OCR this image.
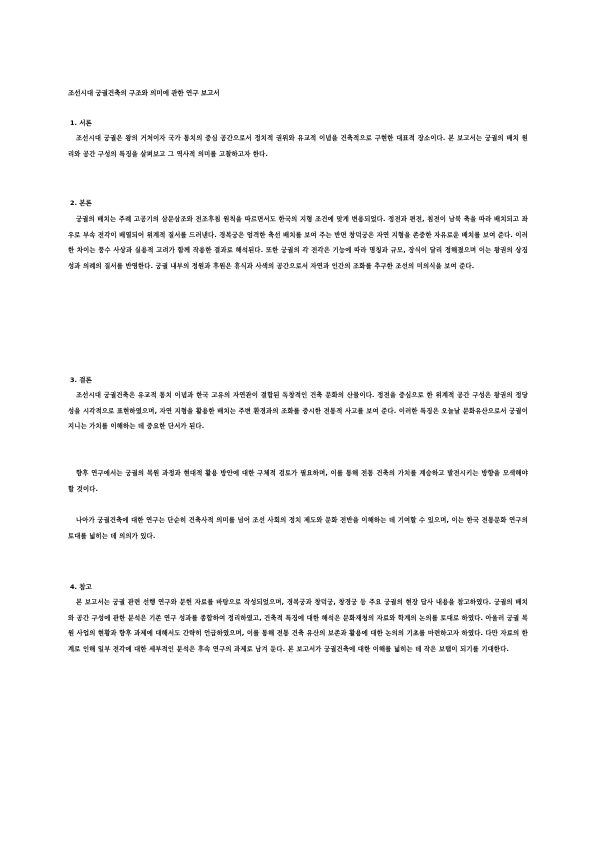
조선시대 궁궐건축의 구조와 의미에 관한 연구 보고서
1. 서론
조선시대 궁궐은 왕의 거처이자 국가 통치의 중심 공간으로서 정치적 권위와 유교적 이념을 건축적으로 구현한 대표적 장소이다. 본 보고서는 궁궐의 배치 원리와 공간 구성의 특징을 살펴보고 그 역사적 의미를 고찰하고자 한다.
2. 본론
궁궐의 배치는 주례 고공기의 삼문삼조와 전조후침 원칙을 따르면서도 한국의 지형 조건에 맞게 변용되었다. 정전과 편전, 침전이 남북 축을 따라 배치되고 좌우로 부속 전각이 배열되어 위계적 질서를 드러낸다. 경복궁은 엄격한 축선 배치를 보여 주는 반면 창덕궁은 자연 지형을 존중한 자유로운 배치를 보여 준다. 이러한 차이는 풍수 사상과 실용적 고려가 함께 작용한 결과로 해석된다. 또한 궁궐의 각 전각은 기능에 따라 명칭과 규모, 장식이 달리 정해졌으며 이는 왕권의 상징성과 의례의 질서를 반영한다. 궁궐 내부의 정원과 후원은 휴식과 사색의 공간으로서 자연과 인간의 조화를 추구한 조선의 미의식을 보여 준다.
3. 결론
조선시대 궁궐건축은 유교적 통치 이념과 한국 고유의 자연관이 결합된 독창적인 건축 문화의 산물이다. 정전을 중심으로 한 위계적 공간 구성은 왕권의 정당성을 시각적으로 표현하였으며, 자연 지형을 활용한 배치는 주변 환경과의 조화를 중시한 전통적 사고를 보여 준다. 이러한 특징은 오늘날 문화유산으로서 궁궐이 지니는 가치를 이해하는 데 중요한 단서가 된다.
향후 연구에서는 궁궐의 복원 과정과 현대적 활용 방안에 대한 구체적 검토가 필요하며, 이를 통해 전통 건축의 가치를 계승하고 발전시키는 방향을 모색해야 할 것이다.
나아가 궁궐건축에 대한 연구는 단순히 건축사적 의미를 넘어 조선 사회의 정치 제도와 문화 전반을 이해하는 데 기여할 수 있으며, 이는 한국 전통문화 연구의 토대를 넓히는 데 의의가 있다.
4. 참고
본 보고서는 궁궐 관련 선행 연구와 문헌 자료를 바탕으로 작성되었으며, 경복궁과 창덕궁, 창경궁 등 주요 궁궐의 현장 답사 내용을 참고하였다. 궁궐의 배치와 공간 구성에 관한 분석은 기존 연구 성과를 종합하여 정리하였고, 건축적 특징에 대한 해석은 문화재청의 자료와 학계의 논의를 토대로 하였다. 아울러 궁궐 복원 사업의 현황과 향후 과제에 대해서도 간략히 언급하였으며, 이를 통해 전통 건축 유산의 보존과 활용에 대한 논의의 기초를 마련하고자 하였다. 다만 자료의 한계로 인해 일부 전각에 대한 세부적인 분석은 후속 연구의 과제로 남겨 둔다. 본 보고서가 궁궐건축에 대한 이해를 넓히는 데 작은 보탬이 되기를 기대한다.
